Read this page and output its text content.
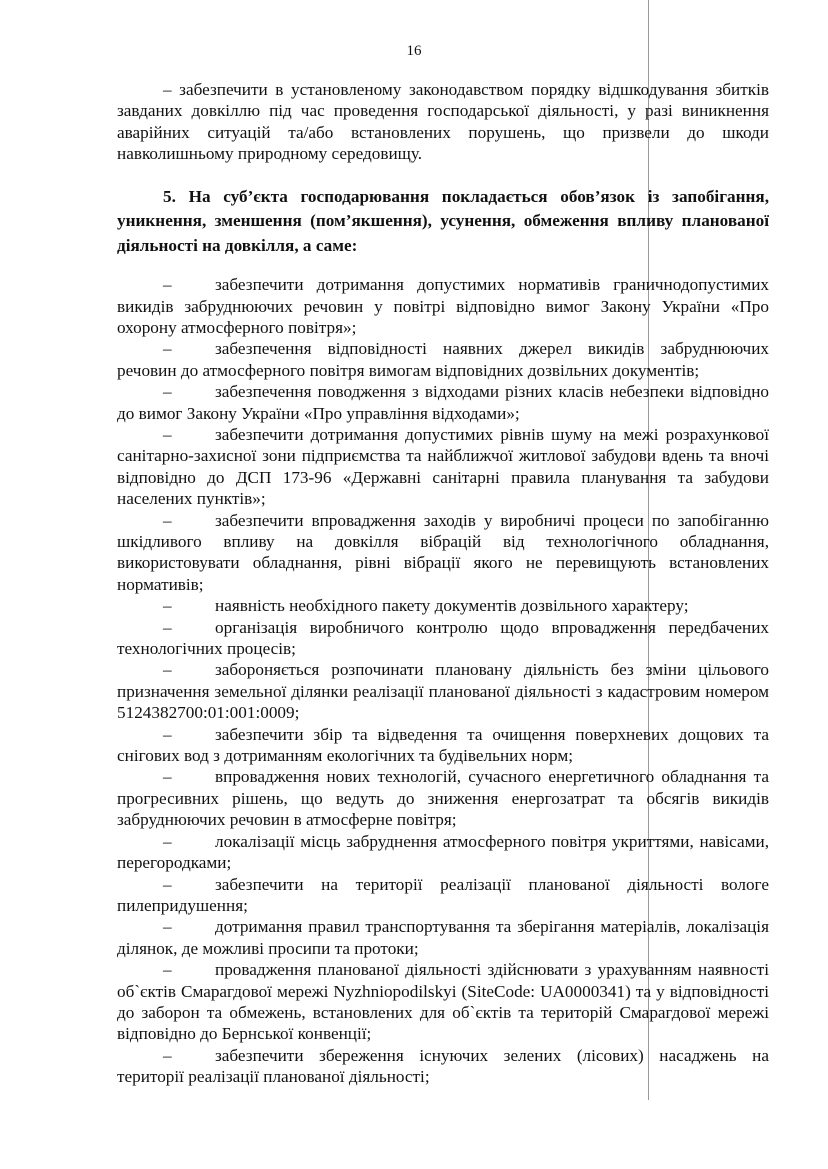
16

– забезпечити в установленому законодавством порядку відшкодування збитків завданих довкіллю під час проведення господарської діяльності, у разі виникнення аварійних ситуацій та/або встановлених порушень, що призвели до шкоди навколишньому природному середовищу.

5. На суб’єкта господарювання покладається обов’язок із запобігання, уникнення, зменшення (пом’якшення), усунення, обмеження впливу планованої діяльності на довкілля, а саме:

–	забезпечити дотримання допустимих нормативів граничнодопустимих викидів забруднюючих речовин у повітрі відповідно вимог Закону України «Про охорону атмосферного повітря»;

–	забезпечення відповідності наявних джерел викидів забруднюючих речовин до атмосферного повітря вимогам відповідних дозвільних документів;

–	забезпечення поводження з відходами різних класів небезпеки відповідно до вимог Закону України «Про управління відходами»;

–	забезпечити дотримання допустимих рівнів шуму на межі розрахункової санітарно-захисної зони підприємства та найближчої житлової забудови вдень та вночі відповідно до ДСП 173-96 «Державні санітарні правила планування та забудови населених пунктів»;

–	забезпечити впровадження заходів у виробничі процеси по запобіганню шкідливого впливу на довкілля вібрацій від технологічного обладнання, використовувати обладнання, рівні вібрації якого не перевищують встановлених нормативів;

–	наявність необхідного пакету документів дозвільного характеру;

–	організація виробничого контролю щодо впровадження передбачених технологічних процесів;

–	забороняється розпочинати плановану діяльність без зміни цільового призначення земельної ділянки реалізації планованої діяльності з кадастровим номером 5124382700:01:001:0009;

–	забезпечити збір та відведення та очищення поверхневих дощових та снігових вод з дотриманням екологічних та будівельних норм;

–	впровадження нових технологій, сучасного енергетичного обладнання та прогресивних рішень, що ведуть до зниження енергозатрат та обсягів викидів забруднюючих речовин в атмосферне повітря;

–	локалізації місць забруднення атмосферного повітря укриттями, навісами, перегородками;

–	забезпечити на території реалізації планованої діяльності вологе пилепридушення;

–	дотримання правил транспортування та зберігання матеріалів, локалізація ділянок, де можливі просипи та протоки;

–	провадження планованої діяльності здійснювати з урахуванням наявності об`єктів Смарагдової мережі Nyzhniopodilskyi (SiteCode: UA0000341) та у відповідності до заборон та обмежень, встановлених для об`єктів та територій Смарагдової мережі відповідно до Бернської конвенції;

–	забезпечити збереження існуючих зелених (лісових) насаджень на території реалізації планованої діяльності;
